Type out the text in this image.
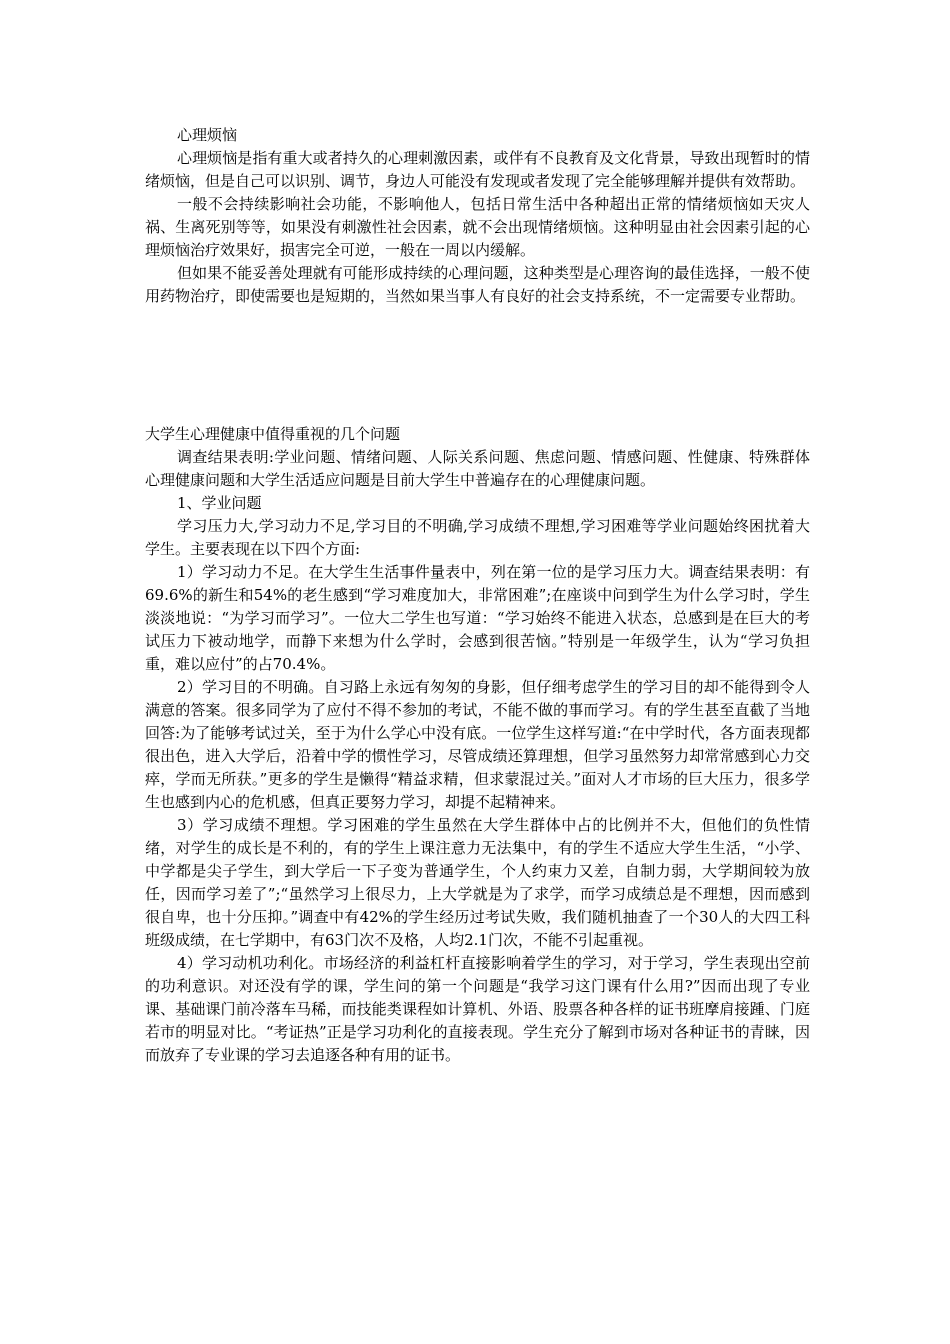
心理烦恼

心理烦恼是指有重大或者持久的心理刺激因素，或伴有不良教育及文化背景，导致出现暂时的情绪烦恼，但是自己可以识别、调节，身边人可能没有发现或者发现了完全能够理解并提供有效帮助。

一般不会持续影响社会功能，不影响他人，包括日常生活中各种超出正常的情绪烦恼如天灾人祸、生离死别等等，如果没有刺激性社会因素，就不会出现情绪烦恼。这种明显由社会因素引起的心理烦恼治疗效果好，损害完全可逆，一般在一周以内缓解。

但如果不能妥善处理就有可能形成持续的心理问题，这种类型是心理咨询的最佳选择，一般不使用药物治疗，即使需要也是短期的，当然如果当事人有良好的社会支持系统，不一定需要专业帮助。

大学生心理健康中值得重视的几个问题

调查结果表明:学业问题、情绪问题、人际关系问题、焦虑问题、情感问题、性健康、特殊群体心理健康问题和大学生活适应问题是目前大学生中普遍存在的心理健康问题。

1、学业问题

学习压力大,学习动力不足,学习目的不明确,学习成绩不理想,学习困难等学业问题始终困扰着大学生。主要表现在以下四个方面:

1）学习动力不足。在大学生生活事件量表中，列在第一位的是学习压力大。调查结果表明：有69.6%的新生和54%的老生感到“学习难度加大，非常困难”;在座谈中问到学生为什么学习时，学生淡淡地说：“为学习而学习”。一位大二学生也写道：“学习始终不能进入状态，总感到是在巨大的考试压力下被动地学，而静下来想为什么学时，会感到很苦恼。”特别是一年级学生，认为“学习负担重，难以应付”的占70.4%。

2）学习目的不明确。自习路上永远有匆匆的身影，但仔细考虑学生的学习目的却不能得到令人满意的答案。很多同学为了应付不得不参加的考试，不能不做的事而学习。有的学生甚至直截了当地回答:为了能够考试过关，至于为什么学心中没有底。一位学生这样写道:“在中学时代，各方面表现都很出色，进入大学后，沿着中学的惯性学习，尽管成绩还算理想，但学习虽然努力却常常感到心力交瘁，学而无所获。”更多的学生是懒得“精益求精，但求蒙混过关。”面对人才市场的巨大压力，很多学生也感到内心的危机感，但真正要努力学习，却提不起精神来。

3）学习成绩不理想。学习困难的学生虽然在大学生群体中占的比例并不大，但他们的负性情绪，对学生的成长是不利的，有的学生上课注意力无法集中，有的学生不适应大学生生活，“小学、中学都是尖子学生，到大学后一下子变为普通学生，个人约束力又差，自制力弱，大学期间较为放任，因而学习差了”;“虽然学习上很尽力，上大学就是为了求学，而学习成绩总是不理想，因而感到很自卑，也十分压抑。”调查中有42%的学生经历过考试失败，我们随机抽查了一个30人的大四工科班级成绩，在七学期中，有63门次不及格，人均2.1门次，不能不引起重视。

4）学习动机功利化。市场经济的利益杠杆直接影响着学生的学习，对于学习，学生表现出空前的功利意识。对还没有学的课，学生问的第一个问题是“我学习这门课有什么用?”因而出现了专业课、基础课门前冷落车马稀，而技能类课程如计算机、外语、股票各种各样的证书班摩肩接踵、门庭若市的明显对比。“考证热”正是学习功利化的直接表现。学生充分了解到市场对各种证书的青睐，因而放弃了专业课的学习去追逐各种有用的证书。
